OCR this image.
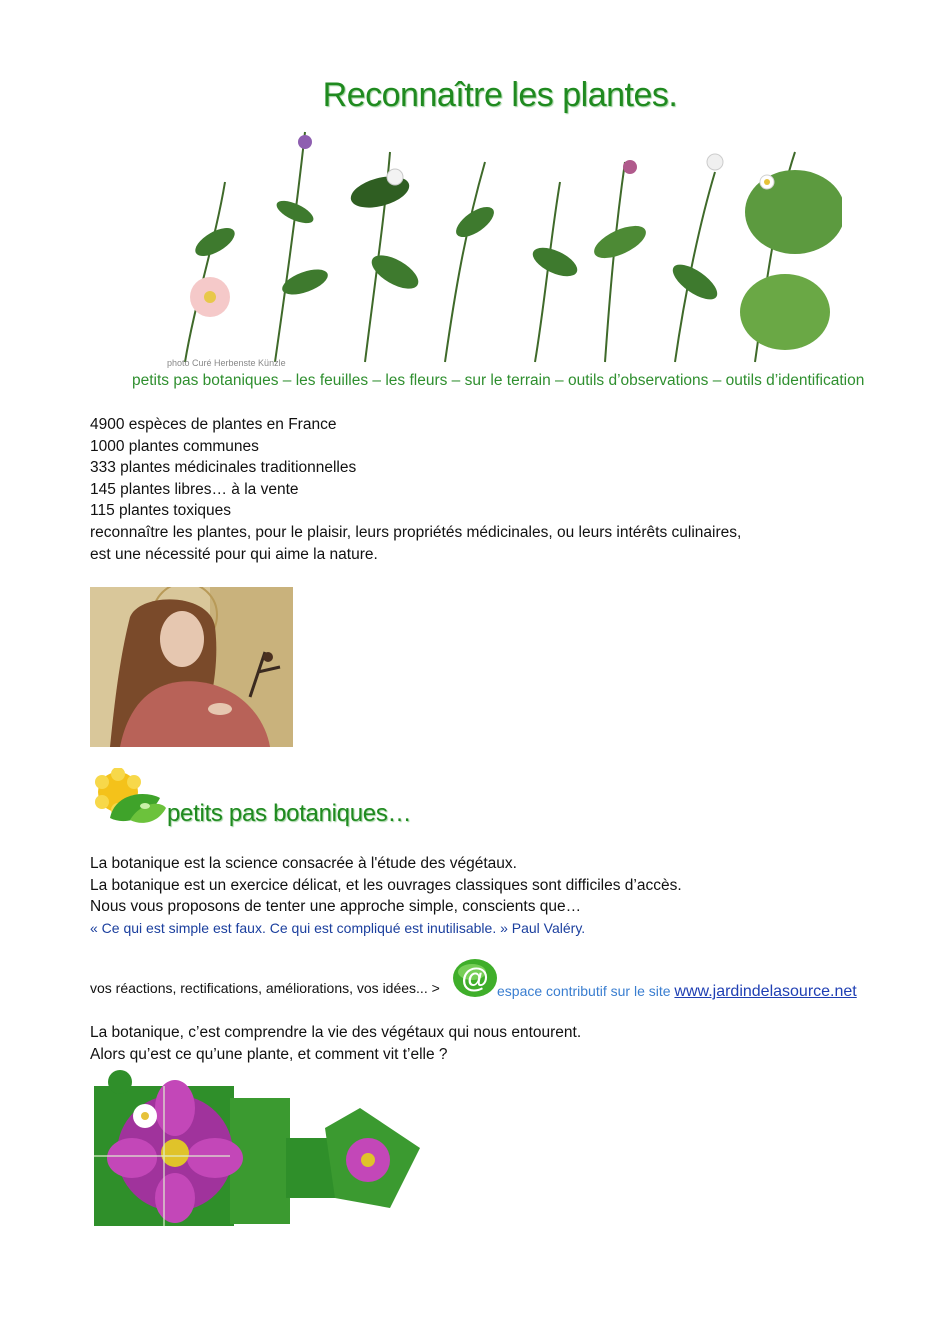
Reconnaître les plantes.
photo Curé Herbenste Künzle
petits pas botaniques – les feuilles – les fleurs – sur le terrain – outils d’observations – outils d’identification
4900 espèces de plantes en France
1000 plantes communes
333 plantes médicinales traditionnelles
145 plantes libres… à la vente
115 plantes toxiques
reconnaître les plantes, pour le plaisir, leurs propriétés médicinales, ou leurs intérêts culinaires,
est une nécessité pour qui aime la nature.
petits pas botaniques…
La botanique est la science consacrée à l'étude des végétaux.
La botanique est un exercice délicat, et les ouvrages classiques sont difficiles d’accès.
Nous vous proposons de tenter une approche simple, conscients que…
« Ce qui est simple est faux. Ce qui est compliqué est inutilisable. » Paul Valéry.
vos réactions, rectifications, améliorations, vos idées... > @ espace contributif sur le site www.jardindelasource.net
La botanique, c’est comprendre la vie des végétaux qui nous entourent.
Alors qu’est ce qu’une plante, et comment vit t’elle ?
